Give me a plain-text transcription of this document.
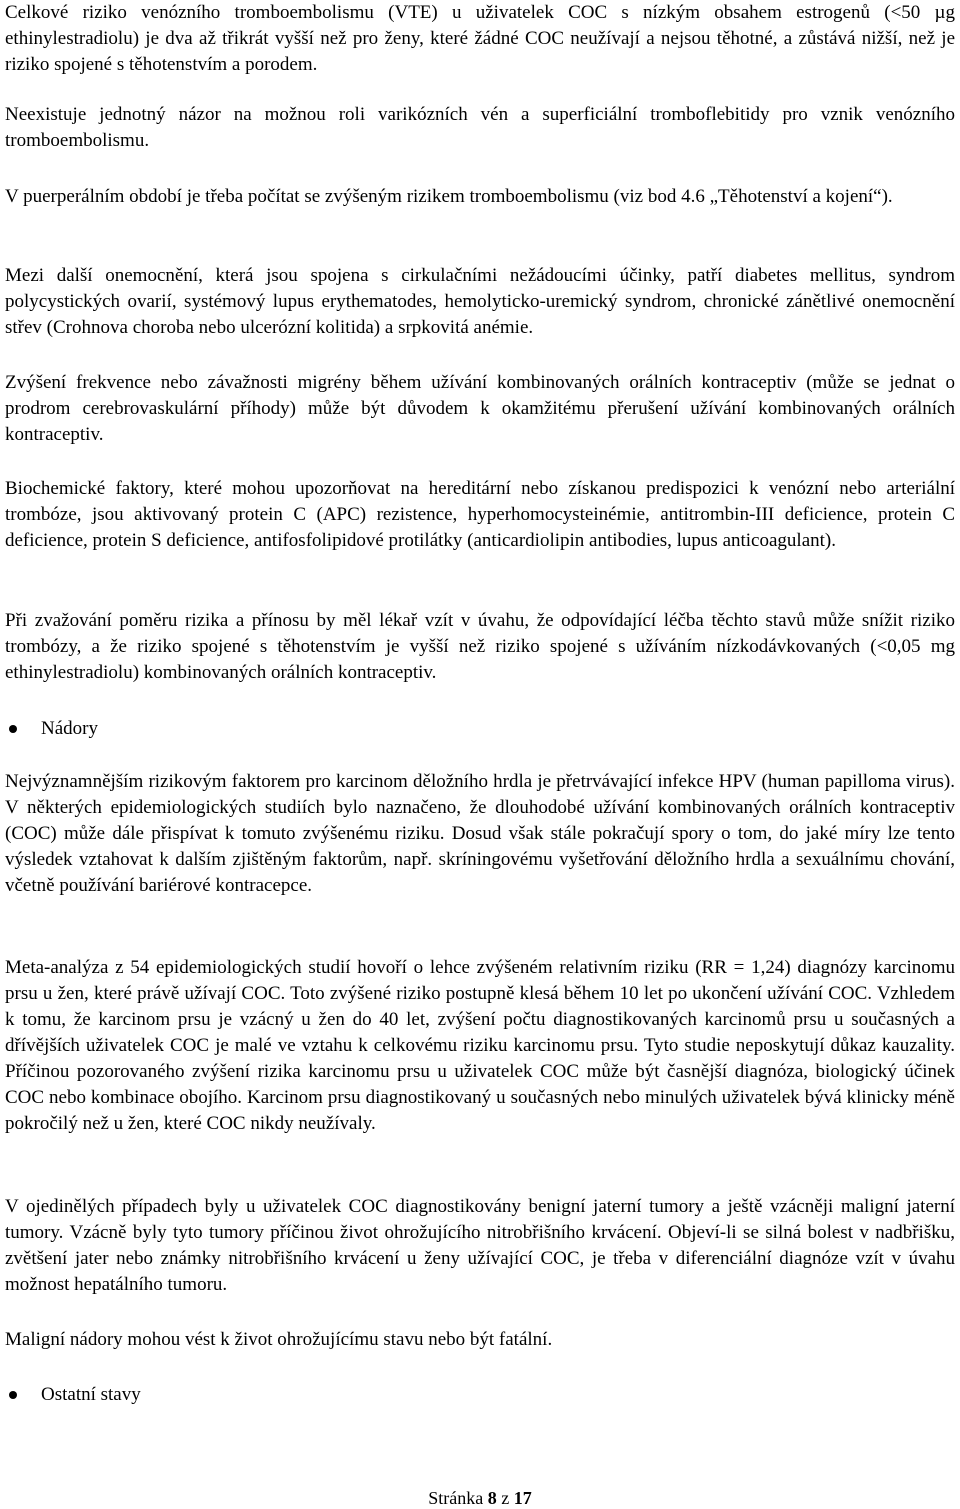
Celkové riziko venózního tromboembolismu (VTE) u uživatelek COC s nízkým obsahem estrogenů (<50 µg ethinylestradiolu) je dva až třikrát vyšší než pro ženy, které žádné COC neužívají a nejsou těhotné, a zůstává nižší, než je riziko spojené s těhotenstvím a porodem.

Neexistuje jednotný názor na možnou roli varikózních vén a superficiální tromboflebitidy pro vznik venózního tromboembolismu.

V puerperálním období je třeba počítat se zvýšeným rizikem tromboembolismu (viz bod 4.6 „Těhotenství a kojení“).

Mezi další onemocnění, která jsou spojena s cirkulačními nežádoucími účinky, patří diabetes mellitus, syndrom polycystických ovarií, systémový lupus erythematodes, hemolyticko-uremický syndrom, chronické zánětlivé onemocnění střev (Crohnova choroba nebo ulcerózní kolitida) a srpkovitá anémie.

Zvýšení frekvence nebo závažnosti migrény během užívání kombinovaných orálních kontraceptiv (může se jednat o prodrom cerebrovaskulární příhody) může být důvodem k okamžitému přerušení užívání kombinovaných orálních kontraceptiv.

Biochemické faktory, které mohou upozorňovat na hereditární nebo získanou predispozici k venózní nebo arteriální trombóze, jsou aktivovaný protein C (APC) rezistence, hyperhomocysteinémie, antitrombin-III deficience, protein C deficience, protein S deficience, antifosfolipidové protilátky (anticardiolipin antibodies, lupus anticoagulant).

Při zvažování poměru rizika a přínosu by měl lékař vzít v úvahu, že odpovídající léčba těchto stavů může snížit riziko trombózy, a že riziko spojené s těhotenstvím je vyšší než riziko spojené s užíváním nízkodávkovaných (<0,05 mg ethinylestradiolu) kombinovaných orálních kontraceptiv.

Nádory

Nejvýznamnějším rizikovým faktorem pro karcinom děložního hrdla je přetrvávající infekce HPV (human papilloma virus). V některých epidemiologických studiích bylo naznačeno, že dlouhodobé užívání kombinovaných orálních kontraceptiv (COC) může dále přispívat k tomuto zvýšenému riziku. Dosud však stále pokračují spory o tom, do jaké míry lze tento výsledek vztahovat k dalším zjištěným faktorům, např. skríningovému vyšetřování děložního hrdla a sexuálnímu chování, včetně používání bariérové kontracepce.

Meta-analýza z 54 epidemiologických studií hovoří o lehce zvýšeném relativním riziku (RR = 1,24) diagnózy karcinomu prsu u žen, které právě užívají COC. Toto zvýšené riziko postupně klesá během 10 let po ukončení užívání COC. Vzhledem k tomu, že karcinom prsu je vzácný u žen do 40 let, zvýšení počtu diagnostikovaných karcinomů prsu u současných a dřívějších uživatelek COC je malé ve vztahu k celkovému riziku karcinomu prsu. Tyto studie neposkytují důkaz kauzality. Příčinou pozorovaného zvýšení rizika karcinomu prsu u uživatelek COC může být časnější diagnóza, biologický účinek COC nebo kombinace obojího. Karcinom prsu diagnostikovaný u současných nebo minulých uživatelek bývá klinicky méně pokročilý než u žen, které COC nikdy neužívaly.

V ojedinělých případech byly u uživatelek COC diagnostikovány benigní jaterní tumory a ještě vzácněji maligní jaterní tumory. Vzácně byly tyto tumory příčinou život ohrožujícího nitrobřišního krvácení. Objeví-li se silná bolest v nadbřišku, zvětšení jater nebo známky nitrobřišního krvácení u ženy užívající COC, je třeba v diferenciální diagnóze vzít v úvahu možnost hepatálního tumoru.

Maligní nádory mohou vést k život ohrožujícímu stavu nebo být fatální.

Ostatní stavy
Stránka 8 z 17
